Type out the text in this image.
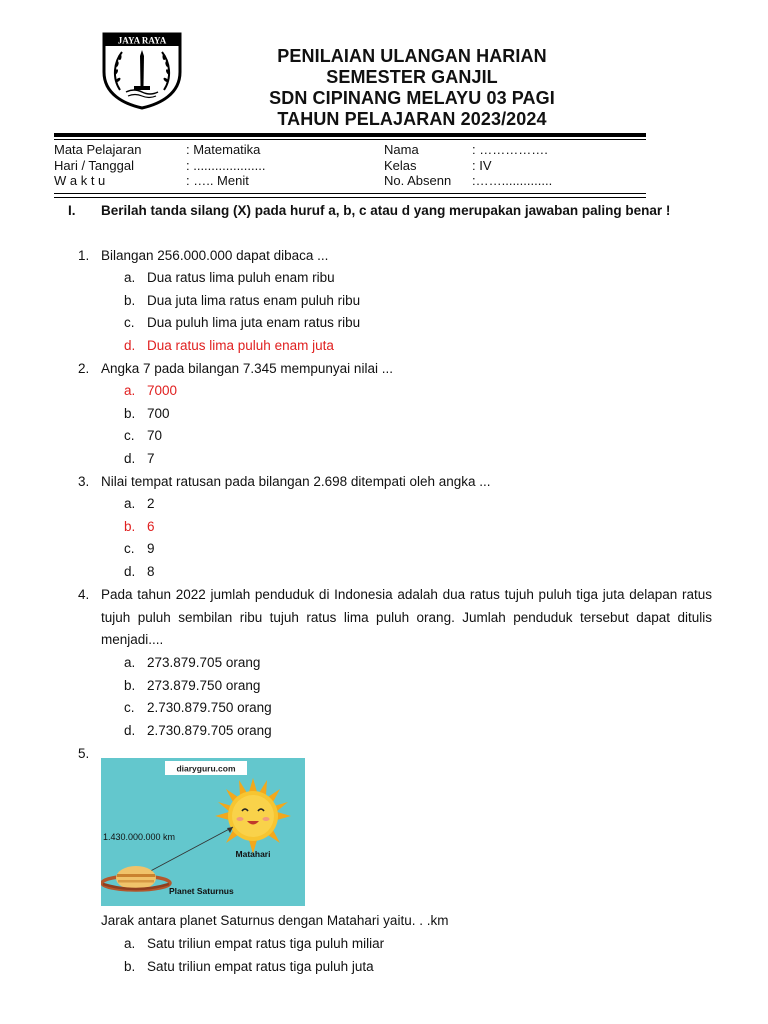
JAYA RAYA
PENILAIAN ULANGAN HARIAN
SEMESTER GANJIL
SDN CIPINANG MELAYU 03 PAGI
TAHUN PELAJARAN 2023/2024
Mata Pelajaran	: Matematika	Nama	: …………….
Hari / Tanggal	: ....................	Kelas	: IV
W a k t u	: ….. Menit	No. Absenn :……..............
I. Berilah tanda silang (X) pada huruf a, b, c atau d yang merupakan jawaban paling benar !
1. Bilangan 256.000.000 dapat dibaca ...
a. Dua ratus lima puluh enam ribu
b. Dua juta lima ratus enam puluh ribu
c. Dua puluh lima juta enam ratus ribu
d. Dua ratus lima puluh enam juta
2. Angka 7 pada bilangan 7.345 mempunyai nilai ...
a. 7000
b. 700
c. 70
d. 7
3. Nilai tempat ratusan pada bilangan 2.698 ditempati oleh angka ...
a. 2
b. 6
c. 9
d. 8
4. Pada tahun 2022 jumlah penduduk di Indonesia adalah dua ratus tujuh puluh tiga juta delapan ratus tujuh puluh sembilan ribu tujuh ratus lima puluh orang. Jumlah penduduk tersebut dapat ditulis menjadi....
a. 273.879.705 orang
b. 273.879.750 orang
c. 2.730.879.750 orang
d. 2.730.879.705 orang
5.
diaryguru.com
Matahari
1.430.000.000 km
Planet Saturnus
Jarak antara planet Saturnus dengan Matahari yaitu. . .km
a. Satu triliun empat ratus tiga puluh miliar
b. Satu triliun empat ratus tiga puluh juta
